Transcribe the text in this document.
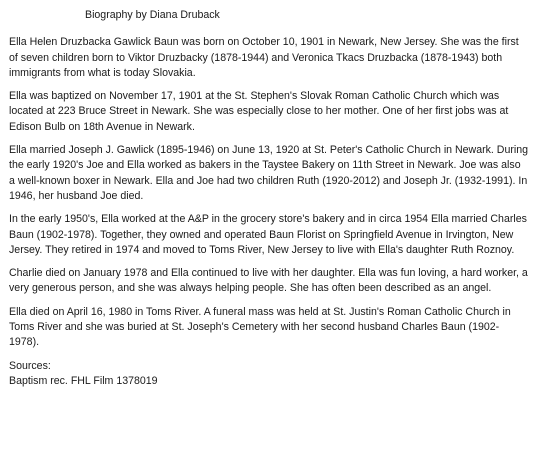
Biography by Diana Druback

Ella Helen Druzbacka Gawlick Baun was born on October 10, 1901 in Newark, New Jersey. She was the first of seven children born to Viktor Druzbacky (1878-1944) and Veronica Tkacs Druzbacka (1878-1943) both immigrants from what is today Slovakia.

Ella was baptized on November 17, 1901 at the St. Stephen's Slovak Roman Catholic Church which was located at 223 Bruce Street in Newark. She was especially close to her mother. One of her first jobs was at Edison Bulb on 18th Avenue in Newark.

Ella married Joseph J. Gawlick (1895-1946) on June 13, 1920 at St. Peter's Catholic Church in Newark. During the early 1920's Joe and Ella worked as bakers in the Taystee Bakery on 11th Street in Newark. Joe was also a well-known boxer in Newark. Ella and Joe had two children Ruth (1920-2012) and Joseph Jr. (1932-1991). In 1946, her husband Joe died.

In the early 1950's, Ella worked at the A&P in the grocery store's bakery and in circa 1954 Ella married Charles Baun (1902-1978). Together, they owned and operated Baun Florist on Springfield Avenue in Irvington, New Jersey. They retired in 1974 and moved to Toms River, New Jersey to live with Ella's daughter Ruth Roznoy.

Charlie died on January 1978 and Ella continued to live with her daughter. Ella was fun loving, a hard worker, a very generous person, and she was always helping people. She has often been described as an angel.

Ella died on April 16, 1980 in Toms River. A funeral mass was held at St. Justin's Roman Catholic Church in Toms River and she was buried at St. Joseph's Cemetery with her second husband Charles Baun (1902-1978).

Sources:
Baptism rec. FHL Film 1378019
